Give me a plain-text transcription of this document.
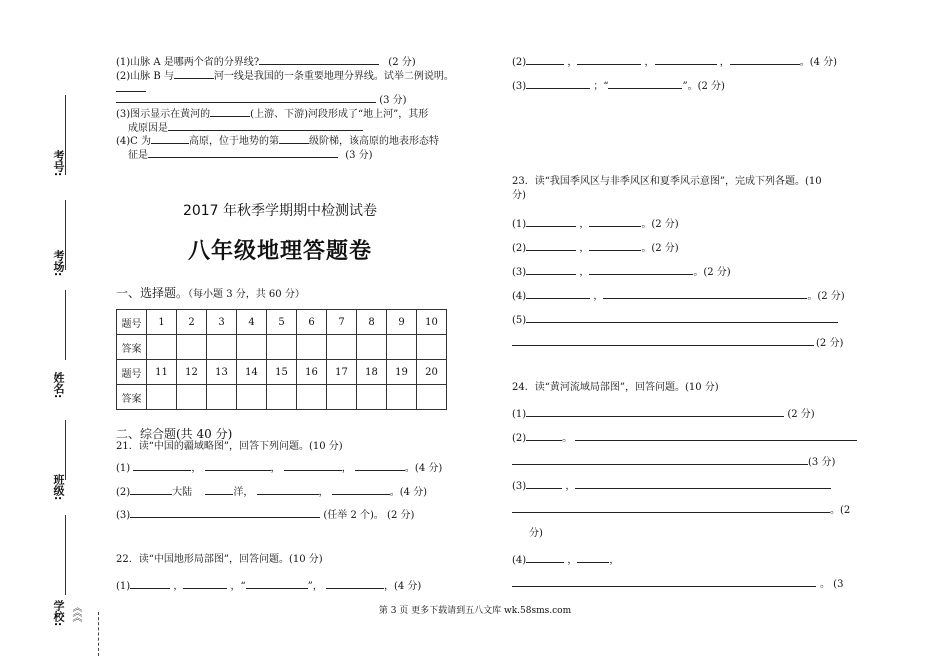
考号:
考场:
姓名:
班级:
学校: 《《《
(1)山脉 A 是哪两个省的分界线?	(2 分)
(2)山脉 B 与	河一线是我国的一条重要地理分界线。试举二例说明。
(3 分)
(3)图示显示在黄河的	(上游、下游)河段形成了“地上河”，其形
成原因是
(4)C 为	高原，位于地势的第	级阶梯，该高原的地表形态特
征是	(3 分)
2017 年秋季学期期中检测试卷
八年级地理答题卷
一、选择题。（每小题 3 分，共 60 分）
题号	1	2	3	4	5	6	7	8	9	10
答案										
题号	11	12	13	14	15	16	17	18	19	20
答案										
二、综合题(共 40 分)
21．读“中国的疆域略图”，回答下列问题。(10 分)
(1)	，	，	，	。(4 分)
(2)	大陆	洋，	，	。(4 分)
(3)	(任举 2 个)。 (2 分)
22．读“中国地形局部图”，回答问题。(10 分)
(1)	，	，“	”，	，(4 分)
(2)	，	，	，	。(4 分)
(3)	；“	”。(2 分)
23．读“我国季风区与非季风区和夏季风示意图”，完成下列各题。(10
分)
(1)	，	。(2 分)
(2)	，	。(2 分)
(3)	，	。(2 分)
(4)	，	。(2 分)
(5)
(2 分)
24．读“黄河流域局部图”，回答问题。(10 分)
(1)	(2 分)
(2)	。
(3 分)
(3)	，
。(2
分)
(4)	，	，
。 (3
第 3 页 更多下载请到五八文库 wk.58sms.com
